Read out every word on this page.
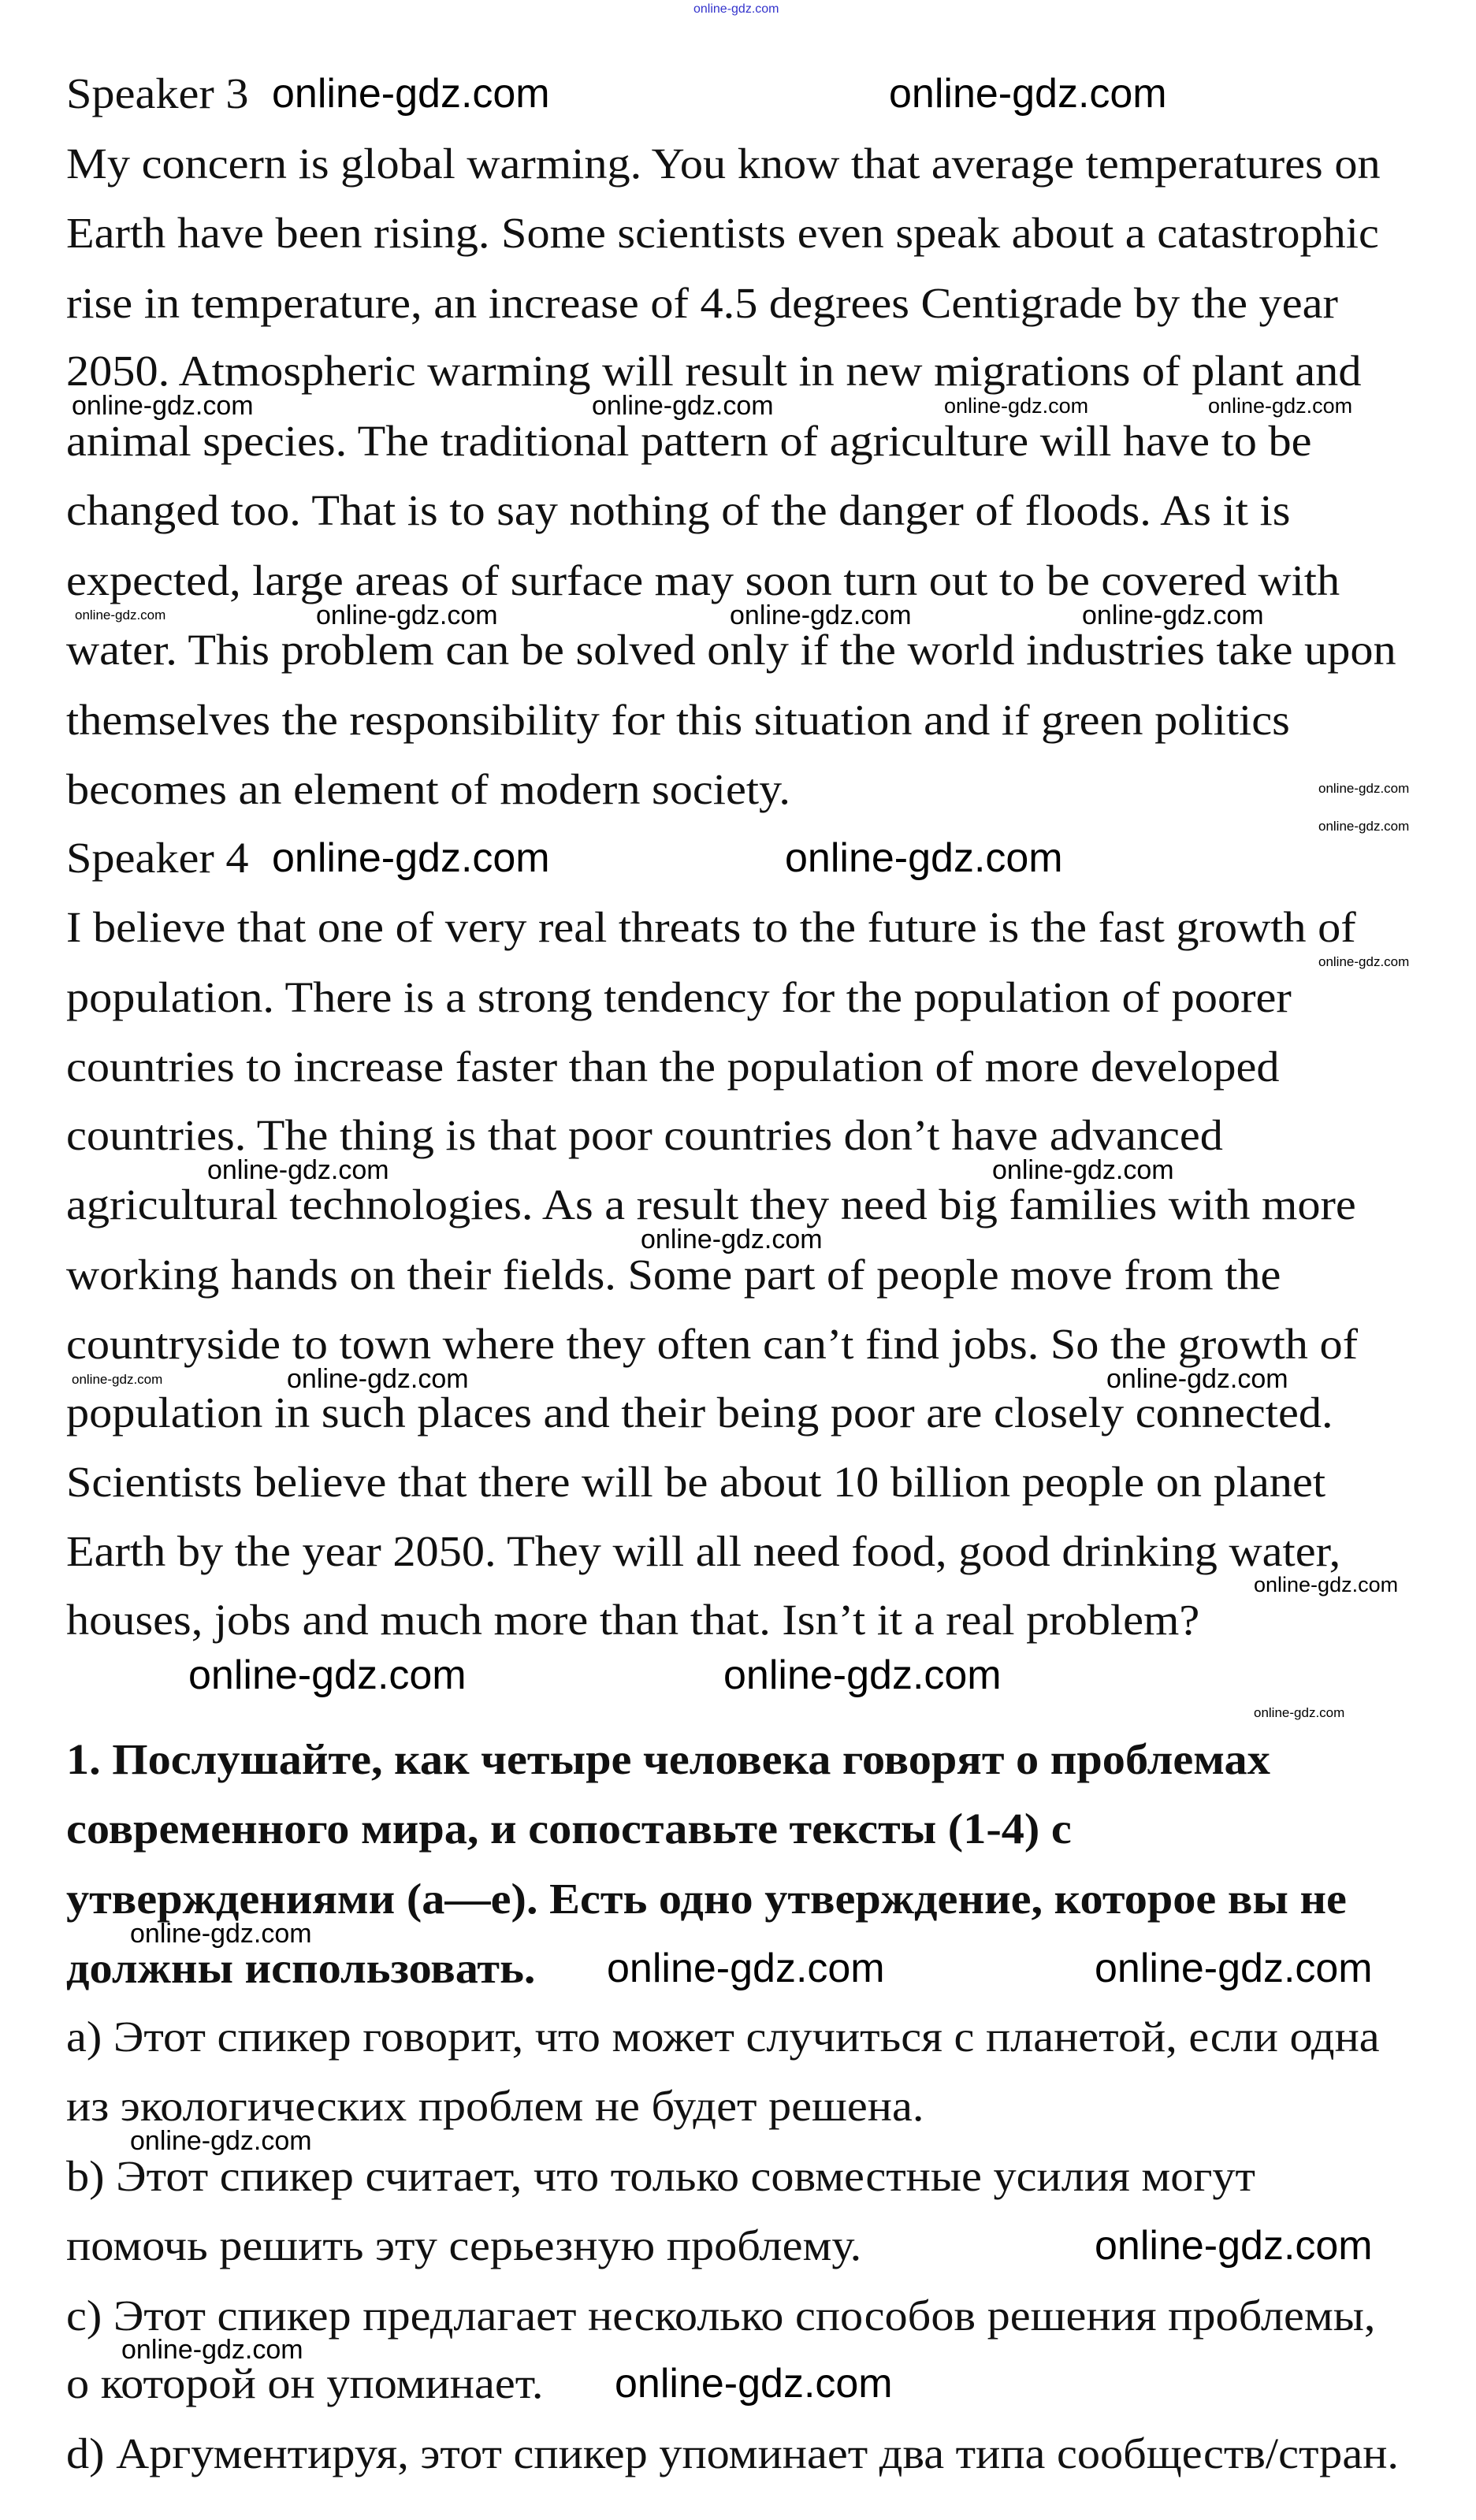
Speaker 3
My concern is global warming. You know that average temperatures on
Earth have been rising. Some scientists even speak about a catastrophic
rise in temperature, an increase of 4.5 degrees Centigrade by the year
2050. Atmospheric warming will result in new migrations of plant and
animal species. The traditional pattern of agriculture will have to be
changed too. That is to say nothing of the danger of floods. As it is
expected, large areas of surface may soon turn out to be covered with
water. This problem can be solved only if the world industries take upon
themselves the responsibility for this situation and if green politics
becomes an element of modern society.
Speaker 4
I believe that one of very real threats to the future is the fast growth of
population. There is a strong tendency for the population of poorer
countries to increase faster than the population of more developed
countries. The thing is that poor countries don’t have advanced
agricultural technologies. As a result they need big families with more
working hands on their fields. Some part of people move from the
countryside to town where they often can’t find jobs. So the growth of
population in such places and their being poor are closely connected.
Scientists believe that there will be about 10 billion people on planet
Earth by the year 2050. They will all need food, good drinking water,
houses, jobs and much more than that. Isn’t it a real problem?
1. Послушайте, как четыре человека говорят о проблемах
современного мира, и сопоставьте тексты (1-4) с
утверждениями (а—е). Есть одно утверждение, которое вы не
должны использовать.
a) Этот спикер говорит, что может случиться с планетой, если одна
из экологических проблем не будет решена.
b) Этот спикер считает, что только совместные усилия могут
помочь решить эту серьезную проблему.
c) Этот спикер предлагает несколько способов решения проблемы,
о которой он упоминает.
d) Аргументируя, этот спикер упоминает два типа сообществ/стран.
online-gdz.com
online-gdz.com	online-gdz.com
online-gdz.com	online-gdz.com	online-gdz.com	online-gdz.com
online-gdz.com	online-gdz.com	online-gdz.com	online-gdz.com
online-gdz.com
online-gdz.com
online-gdz.com	online-gdz.com
online-gdz.com
online-gdz.com	online-gdz.com
online-gdz.com
online-gdz.com	online-gdz.com	online-gdz.com
online-gdz.com
online-gdz.com	online-gdz.com
online-gdz.com
online-gdz.com
online-gdz.com	online-gdz.com
online-gdz.com
online-gdz.com
online-gdz.com
online-gdz.com
